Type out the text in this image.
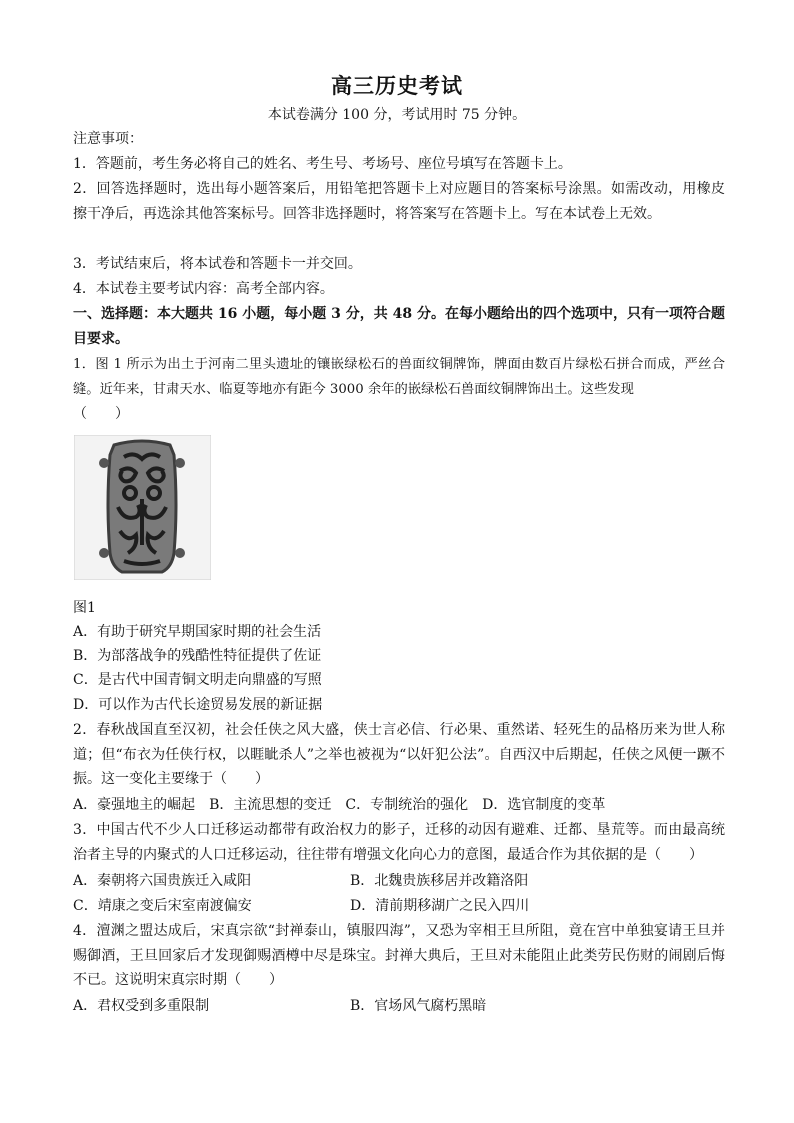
高三历史考试
本试卷满分 100 分，考试用时 75 分钟。
注意事项：
1．答题前，考生务必将自己的姓名、考生号、考场号、座位号填写在答题卡上。
2．回答选择题时，选出每小题答案后，用铅笔把答题卡上对应题目的答案标号涂黑。如需改动，用橡皮擦干净后，再选涂其他答案标号。回答非选择题时，将答案写在答题卡上。写在本试卷上无效。
3．考试结束后，将本试卷和答题卡一并交回。
4．本试卷主要考试内容：高考全部内容。
一、选择题：本大题共 16 小题，每小题 3 分，共 48 分。在每小题给出的四个选项中，只有一项符合题目要求。
1．图 1 所示为出土于河南二里头遗址的镶嵌绿松石的兽面纹铜牌饰，牌面由数百片绿松石拼合而成，严丝合缝。近年来，甘肃天水、临夏等地亦有距今 3000 余年的嵌绿松石兽面纹铜牌饰出土。这些发现
（　　）
图1
A．有助于研究早期国家时期的社会生活
B．为部落战争的残酷性特征提供了佐证
C．是古代中国青铜文明走向鼎盛的写照
D．可以作为古代长途贸易发展的新证据
2．春秋战国直至汉初，社会任侠之风大盛，侠士言必信、行必果、重然诺、轻死生的品格历来为世人称道；但“布衣为任侠行权，以睚眦杀人”之举也被视为“以奸犯公法”。自西汉中后期起，任侠之风便一蹶不振。这一变化主要缘于（　　）
A．豪强地主的崛起 B．主流思想的变迁 C．专制统治的强化 D．选官制度的变革
3．中国古代不少人口迁移运动都带有政治权力的影子，迁移的动因有避难、迁都、垦荒等。而由最高统治者主导的内聚式的人口迁移运动，往往带有增强文化向心力的意图，最适合作为其依据的是（　　）
A．秦朝将六国贵族迁入咸阳	B．北魏贵族移居并改籍洛阳
C．靖康之变后宋室南渡偏安	D．清前期移湖广之民入四川
4．澶渊之盟达成后，宋真宗欲“封禅泰山，镇服四海”，又恐为宰相王旦所阻，竟在宫中单独宴请王旦并赐御酒，王旦回家后才发现御赐酒樽中尽是珠宝。封禅大典后，王旦对未能阻止此类劳民伤财的闹剧后悔不已。这说明宋真宗时期（　　）
A．君权受到多重限制	B．官场风气腐朽黑暗
